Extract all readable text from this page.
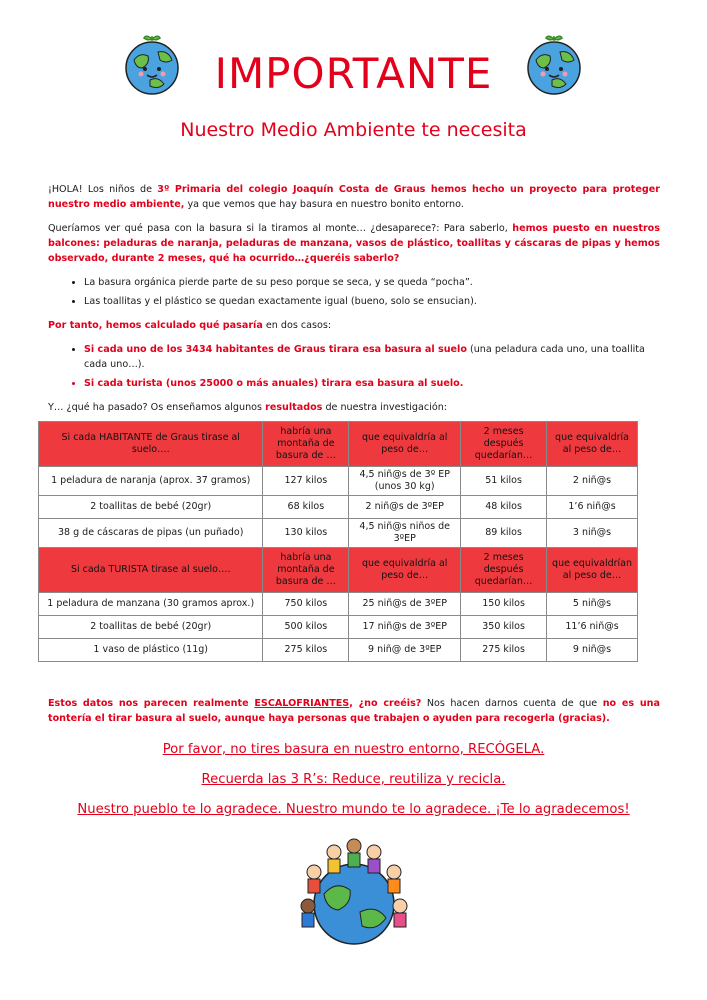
IMPORTANTE
Nuestro Medio Ambiente te necesita

¡HOLA! Los niños de 3º Primaria del colegio Joaquín Costa de Graus hemos hecho un proyecto para proteger nuestro medio ambiente, ya que vemos que hay basura en nuestro bonito entorno.

Queríamos ver qué pasa con la basura si la tiramos al monte… ¿desaparece?: Para saberlo, hemos puesto en nuestros balcones: peladuras de naranja, peladuras de manzana, vasos de plástico, toallitas y cáscaras de pipas y hemos observado, durante 2 meses, qué ha ocurrido…¿queréis saberlo?

• La basura orgánica pierde parte de su peso porque se seca, y se queda “pocha”.
• Las toallitas y el plástico se quedan exactamente igual (bueno, solo se ensucian).

Por tanto, hemos calculado qué pasaría en dos casos:

• Si cada uno de los 3434 habitantes de Graus tirara esa basura al suelo (una peladura cada uno, una toallita cada uno…).
• Si cada turista (unos 25000 o más anuales) tirara esa basura al suelo.

Y… ¿qué ha pasado? Os enseñamos algunos resultados de nuestra investigación:

Si cada HABITANTE de Graus tirase al suelo….	habría una montaña de basura de …	que equivaldría al peso de…	2 meses después quedarían…	que equivaldría al peso de…
1 peladura de naranja (aprox. 37 gramos)	127 kilos	4,5 niñ@s de 3º EP (unos 30 kg)	51 kilos	2 niñ@s
2 toallitas de bebé (20gr)	68 kilos	2 niñ@s de 3ºEP	48 kilos	1’6 niñ@s
38 g de cáscaras de pipas (un puñado)	130 kilos	4,5 niñ@s niños de 3ºEP	89 kilos	3 niñ@s
Si cada TURISTA tirase al suelo….	habría una montaña de basura de …	que equivaldría al peso de…	2 meses después quedarían…	que equivaldrían al peso de…
1 peladura de manzana (30 gramos aprox.)	750 kilos	25 niñ@s de 3ºEP	150 kilos	5 niñ@s
2 toallitas de bebé (20gr)	500 kilos	17 niñ@s de 3ºEP	350 kilos	11’6 niñ@s
1 vaso de plástico (11g)	275 kilos	9 niñ@ de 3ºEP	275 kilos	9 niñ@s
Estos datos nos parecen realmente ESCALOFRIANTES, ¿no creéis? Nos hacen darnos cuenta de que no es una tontería el tirar basura al suelo, aunque haya personas que trabajen o ayuden para recogerla (gracias).
Por favor, no tires basura en nuestro entorno, RECÓGELA.
Recuerda las 3 R’s: Reduce, reutiliza y recicla.
Nuestro pueblo te lo agradece. Nuestro mundo te lo agradece. ¡Te lo agradecemos!
